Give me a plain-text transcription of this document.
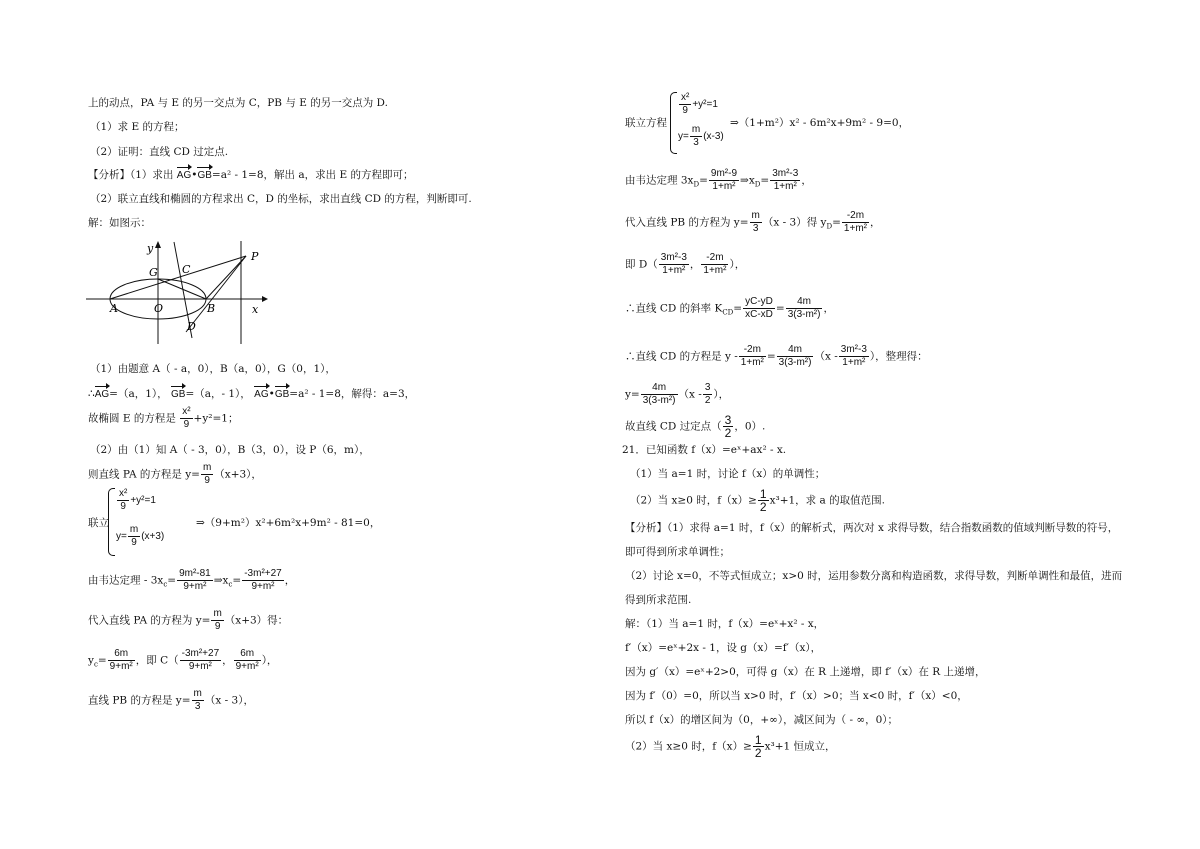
上的动点，PA 与 E 的另一交点为 C，PB 与 E 的另一交点为 D.
（1）求 E 的方程；
（2）证明：直线 CD 过定点.
【分析】（1）求出 AG•GB=a² - 1=8，解出 a，求出 E 的方程即可；
（2）联立直线和椭圆的方程求出 C，D 的坐标，求出直线 CD 的方程，判断即可.
解：如图示：
y
x
G C
P
A	O	B
D
（1）由题意 A（ - a，0），B（a，0），G（0，1），
∴AG=（a，1）， GB=（a，- 1）， AG•GB=a² - 1=8，解得：a=3，
故椭圆 E 的方程是 $\frac{\text{x²}}{9} +y^2=1$；
（2）由（1）知 A（ - 3，0），B（3，0），设 P（6，m），
则直线 PA 的方程是 $y= \frac{m}{9} (x+3)$，
联立
$\frac{\text{x²}}{9} +y^2=1$
$y= \frac{m}{9} (x+3)$
⇒（9+m²）x²+6m²x+9m² - 81=0，
由韦达定理 - $3x_c= \frac{\text{9m²-81}}{\text{9+m²}}$ $\Rightarrow x_c= \frac{\text{-3m²+27}}{\text{9+m²}}$ ，
代入直线 PA 的方程为 $y= \frac{m}{9} (x+3)$得：
$y_c= \frac{6m}{\text{9+m²}}$ ，即 $C( \frac{\text{-3m²+27}}{\text{9+m²}}$ ， $\frac{6m}{\text{9+m²}}$ ），
直线 PB 的方程是 $y= \frac{m}{3} (x - 3)$，
联立方程
$\frac{\text{x²}}{9} +y^2=1$
$y= \frac{m}{3} (x-3)$
⇒（1+m²）x² - 6m²x+9m² - 9=0，
由韦达定理 $3x_D= \frac{\text{9m²-9}}{\text{1+m²}}$ $\Rightarrow x_D= \frac{\text{3m²-3}}{\text{1+m²}}$ ，
代入直线 PB 的方程为 $y= \frac{m}{3} (x - 3)$得 $y_D= \frac{-2m}{\text{1+m²}}$ ，
即 $D( \frac{\text{3m²-3}}{\text{1+m²}}$ ， $\frac{-2m}{\text{1+m²}}$ ），
∴直线 CD 的斜率 $K_{CD}= \frac{yC-yD}{xC-xD} = \frac{4m}{\text{3(3-m²)}}$ ，
∴直线 CD 的方程是 $y - \frac{-2m}{\text{1+m²}} = \frac{4m}{\text{3(3-m²)}} (x - \frac{\text{3m²-3}}{\text{1+m²}}$ ），整理得：
$y= \frac{4m}{\text{3(3-m²)}} (x - \frac{3}{2}$ ），
故直线 CD 过定点（ $\frac{3}{2}$ ，0）.
21．已知函数 f（x）=eˣ+ax² - x.
（1）当 a=1 时，讨论 f（x）的单调性；
（2）当 x≥0 时，$f(x)\ge \frac{1}{2} x^3+1$，求 a 的取值范围.
【分析】（1）求得 a=1 时，f（x）的解析式，两次对 x 求得导数，结合指数函数的值域判断导数的符号，
即可得到所求单调性；
（2）讨论 x=0，不等式恒成立；x>0 时，运用参数分离和构造函数，求得导数，判断单调性和最值，进而
得到所求范围.
解：（1）当 a=1 时，f（x）=eˣ+x² - x，
f′（x）=eˣ+2x - 1，设 g（x）=f′（x），
因为 g′（x）=eˣ+2>0，可得 g（x）在 R 上递增，即 f′（x）在 R 上递增，
因为 f′（0）=0，所以当 x>0 时，f′（x）>0；当 x<0 时，f′（x）<0，
所以 f（x）的增区间为（0，+∞），减区间为（ - ∞，0）；
（2）当 x≥0 时，$f(x)\ge \frac{1}{2} x^3+1$ 恒成立，
